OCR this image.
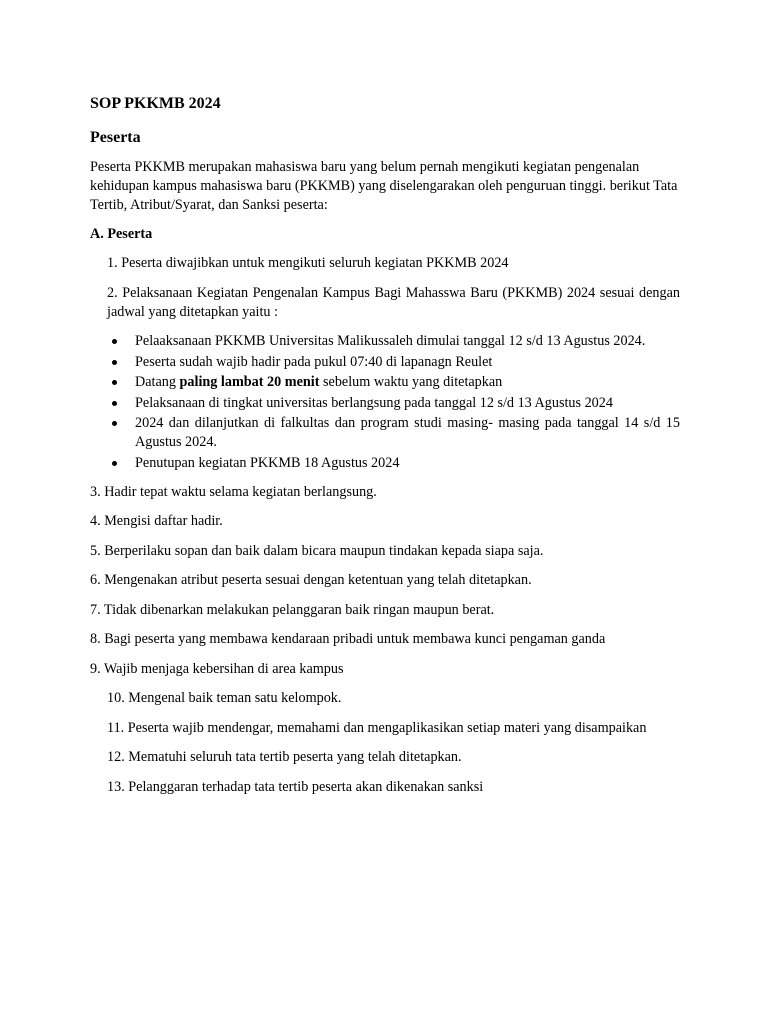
SOP PKKMB 2024
Peserta
Peserta PKKMB merupakan mahasiswa baru yang belum pernah mengikuti kegiatan pengenalan kehidupan kampus mahasiswa baru (PKKMB) yang diselengarakan oleh penguruan tinggi. berikut Tata Tertib, Atribut/Syarat, dan Sanksi peserta:
A. Peserta
1. Peserta diwajibkan untuk mengikuti seluruh kegiatan PKKMB 2024
2. Pelaksanaan Kegiatan Pengenalan Kampus Bagi Mahasswa Baru (PKKMB) 2024 sesuai dengan jadwal yang ditetapkan yaitu :
Pelaaksanaan PKKMB Universitas Malikussaleh dimulai tanggal 12 s/d 13 Agustus 2024.
Peserta sudah wajib hadir pada pukul 07:40 di lapanagn Reulet
Datang paling lambat 20 menit sebelum waktu yang ditetapkan
Pelaksanaan di tingkat universitas berlangsung pada tanggal 12 s/d 13 Agustus 2024
2024 dan dilanjutkan di falkultas dan program studi masing- masing pada tanggal 14 s/d 15 Agustus 2024.
Penutupan kegiatan PKKMB 18 Agustus 2024
3. Hadir tepat waktu selama kegiatan berlangsung.
4. Mengisi daftar hadir.
5. Berperilaku sopan dan baik dalam bicara maupun tindakan kepada siapa saja.
6. Mengenakan atribut peserta sesuai dengan ketentuan yang telah ditetapkan.
7. Tidak dibenarkan melakukan pelanggaran baik ringan maupun berat.
8. Bagi peserta yang membawa kendaraan pribadi untuk membawa kunci pengaman ganda
9. Wajib menjaga kebersihan di area kampus
10. Mengenal baik teman satu kelompok.
11. Peserta wajib mendengar, memahami dan mengaplikasikan setiap materi yang disampaikan
12. Mematuhi seluruh tata tertib peserta yang telah ditetapkan.
13. Pelanggaran terhadap tata tertib peserta akan dikenakan sanksi
